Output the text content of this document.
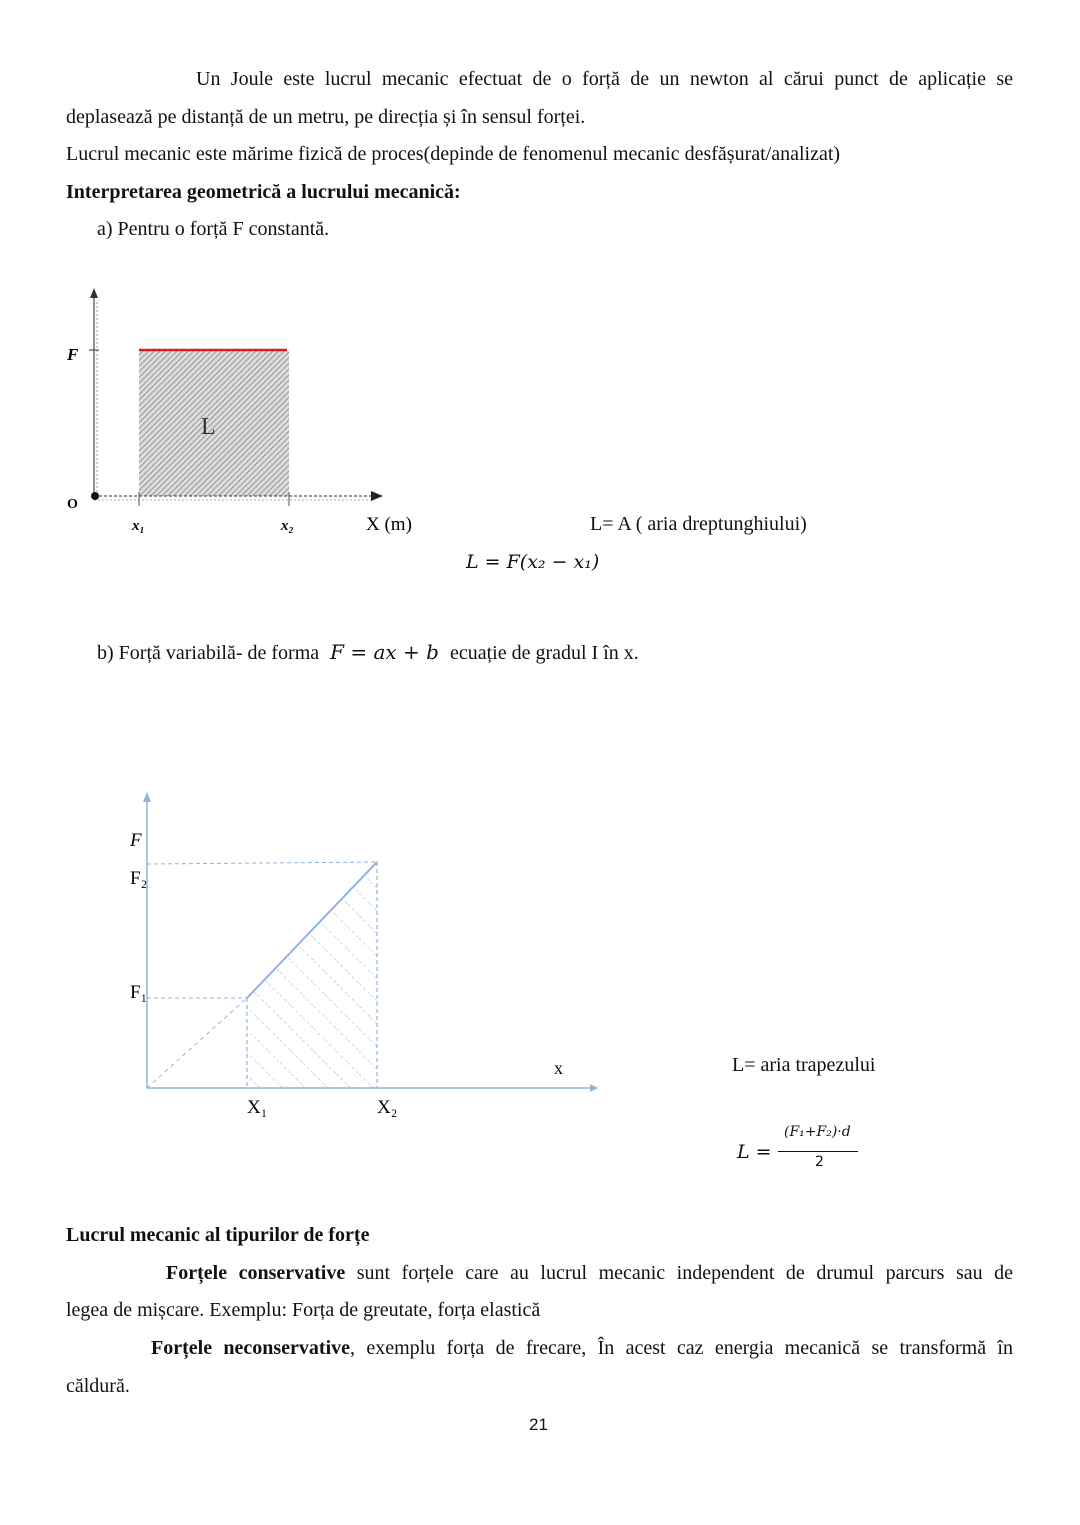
Un Joule este lucrul mecanic efectuat de o forță de un newton al cărui punct de aplicație se
deplasează pe distanță de un metru, pe direcția și în sensul forței.
Lucrul mecanic este mărime fizică de proces(depinde de fenomenul mecanic desfășurat/analizat)
Interpretarea geometrică a lucrului mecanică:
a) Pentru o forță F constantă.
F
O
L
x₁	x₂	X (m)	L= A ( aria dreptunghiului)
L = F(x₂ − x₁)
b) Forță variabilă- de forma F = ax + b ecuație de gradul I în x.
F
F₂
F₁
x
X₁	X₂
L= aria trapezului
L =
(F₁+F₂)·d
2
Lucrul mecanic al tipurilor de forțe
Forțele conservative sunt forțele care au lucrul mecanic independent de drumul parcurs sau de
legea de mișcare. Exemplu: Forța de greutate, forța elastică
Forțele neconservative, exemplu forța de frecare, În acest caz energia mecanică se transformă în
căldură.
21
